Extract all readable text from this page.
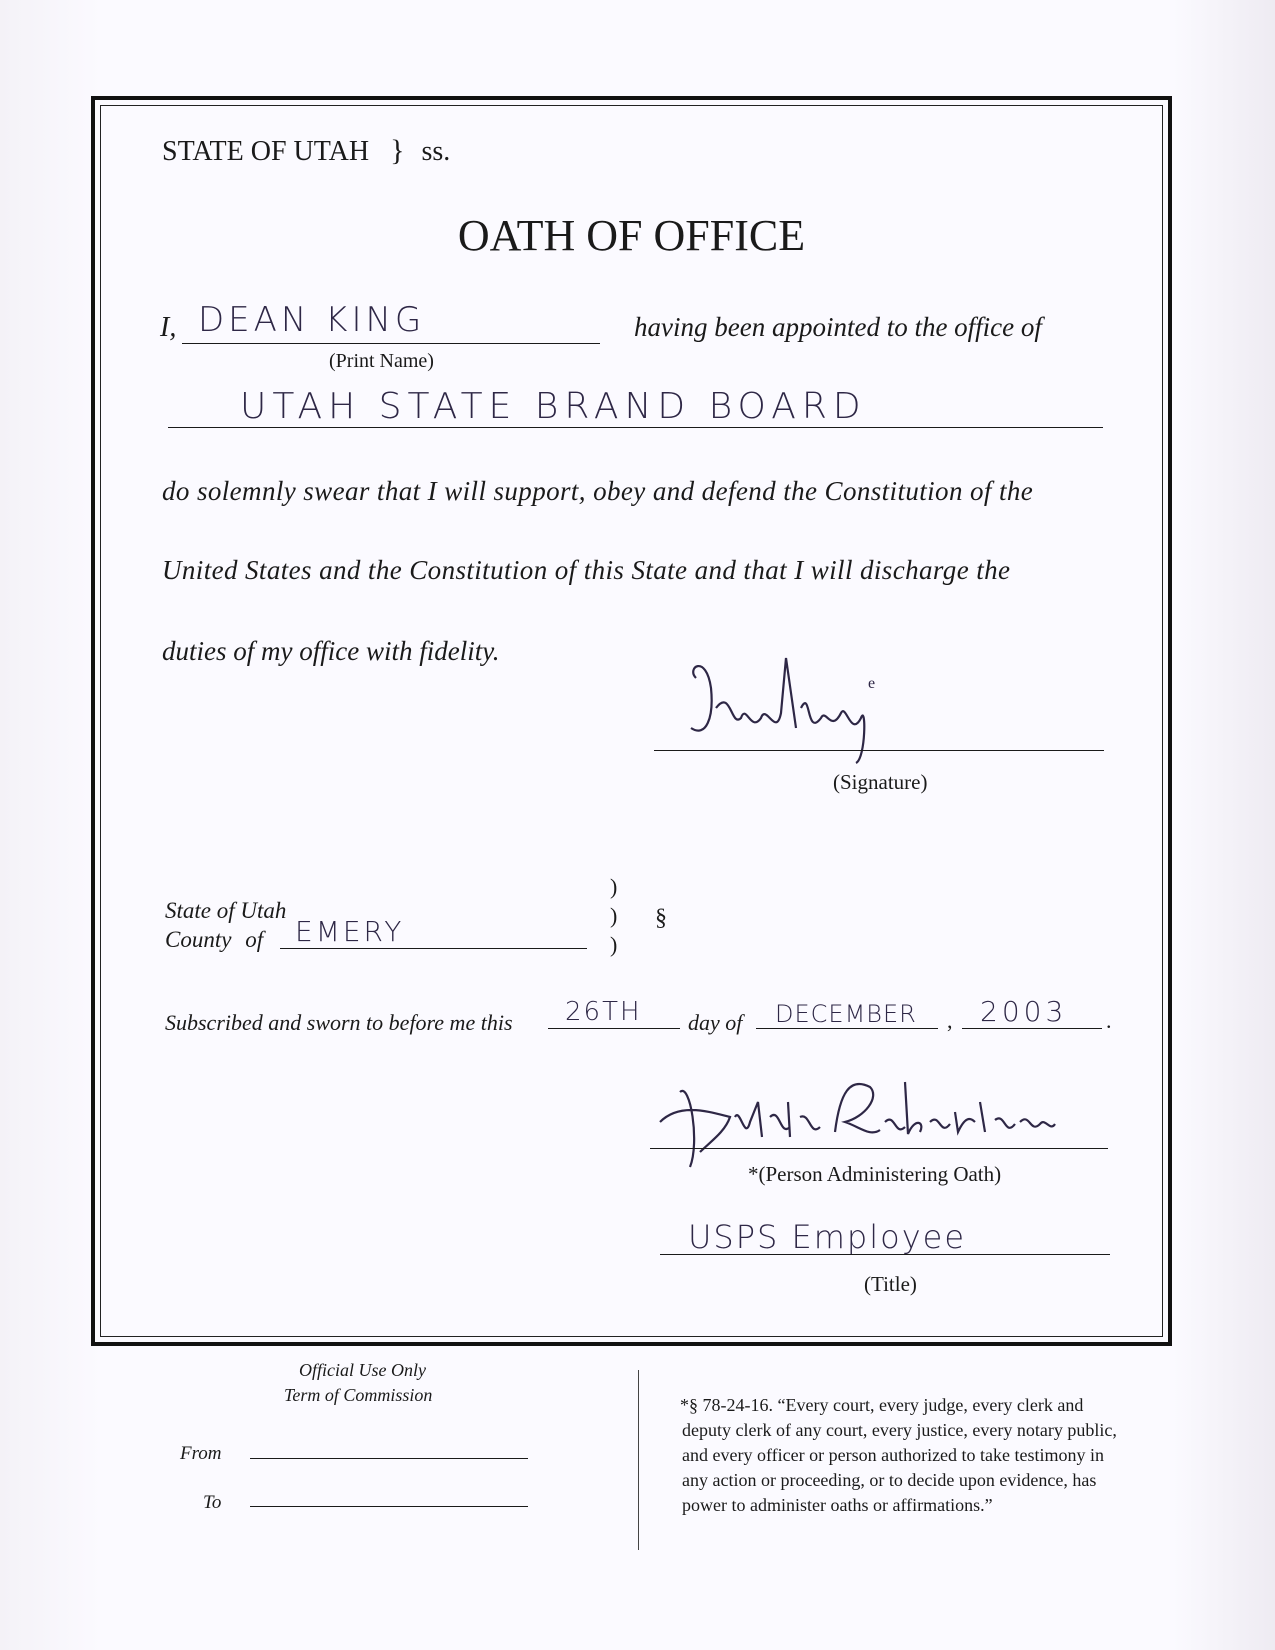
STATE OF UTAH } ss.
OATH OF OFFICE
I, DEAN KING
(Print Name)
having been appointed to the office of
UTAH STATE BRAND BOARD
do solemnly swear that I will support, obey and defend the Constitution of the
United States and the Constitution of this State and that I will discharge the
duties of my office with fidelity.
e
(Signature)
State of Utah
County of EMERY
)
)
)
§
Subscribed and sworn to before me this 26TH day of DECEMBER , 2003 .
*(Person Administering Oath)
USPS Employee
(Title)
Official Use Only
Term of Commission
From
To
*§ 78-24-16. “Every court, every judge, every clerk and
deputy clerk of any court, every justice, every notary public,
and every officer or person authorized to take testimony in
any action or proceeding, or to decide upon evidence, has
power to administer oaths or affirmations.”
